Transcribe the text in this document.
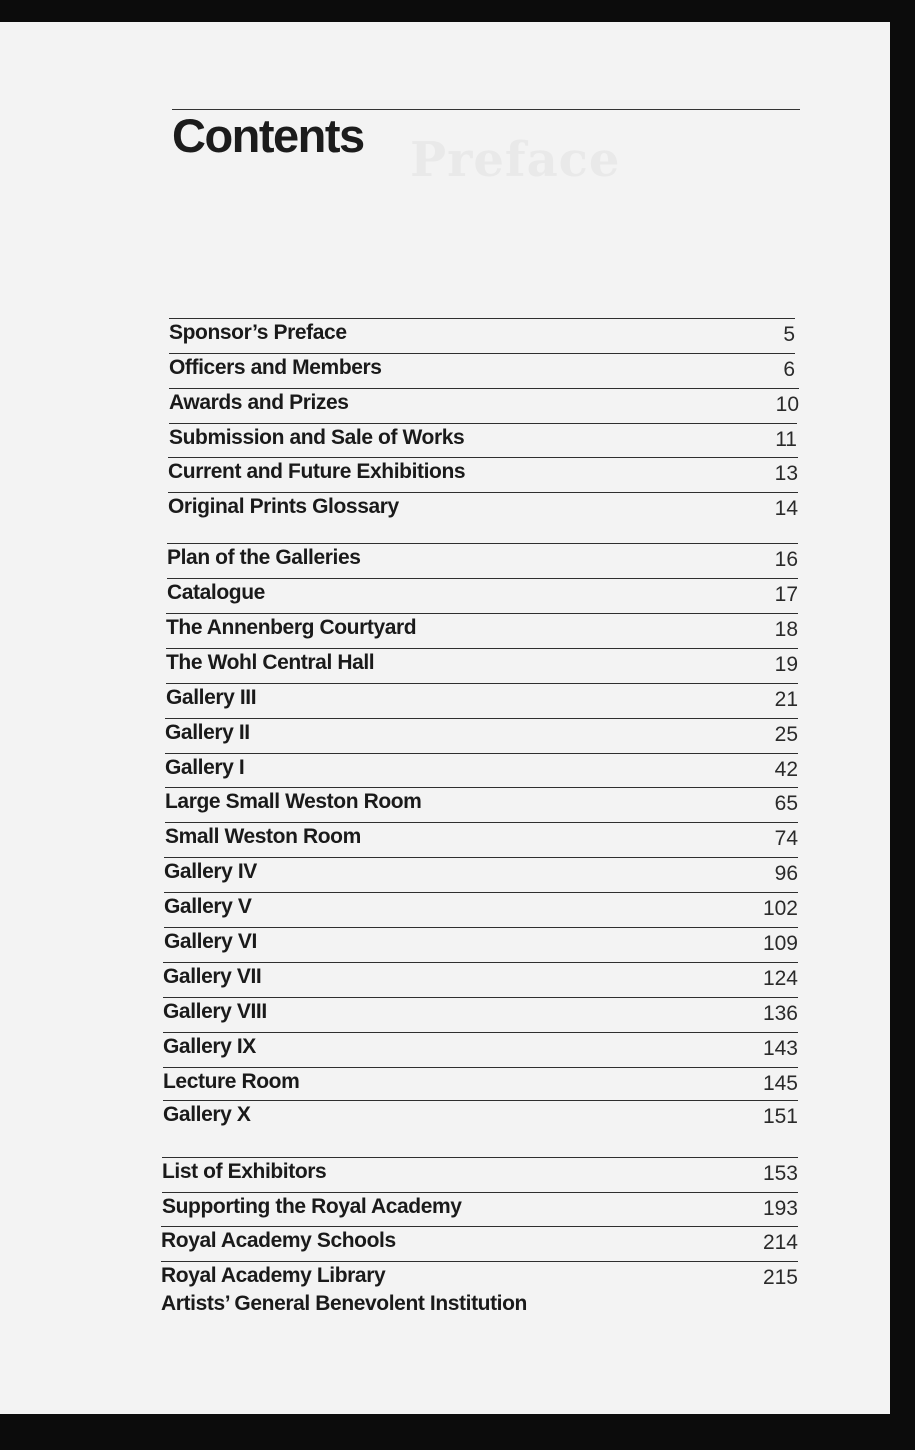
Preface
Contents
Sponsor’s Preface	5
Officers and Members	6
Awards and Prizes	10
Submission and Sale of Works	11
Current and Future Exhibitions	13
Original Prints Glossary	14
Plan of the Galleries	16
Catalogue	17
The Annenberg Courtyard	18
The Wohl Central Hall	19
Gallery III	21
Gallery II	25
Gallery I	42
Large Small Weston Room	65
Small Weston Room	74
Gallery IV	96
Gallery V	102
Gallery VI	109
Gallery VII	124
Gallery VIII	136
Gallery IX	143
Lecture Room	145
Gallery X	151
List of Exhibitors	153
Supporting the Royal Academy	193
Royal Academy Schools	214
Royal Academy Library	215
Artists’ General Benevolent Institution
